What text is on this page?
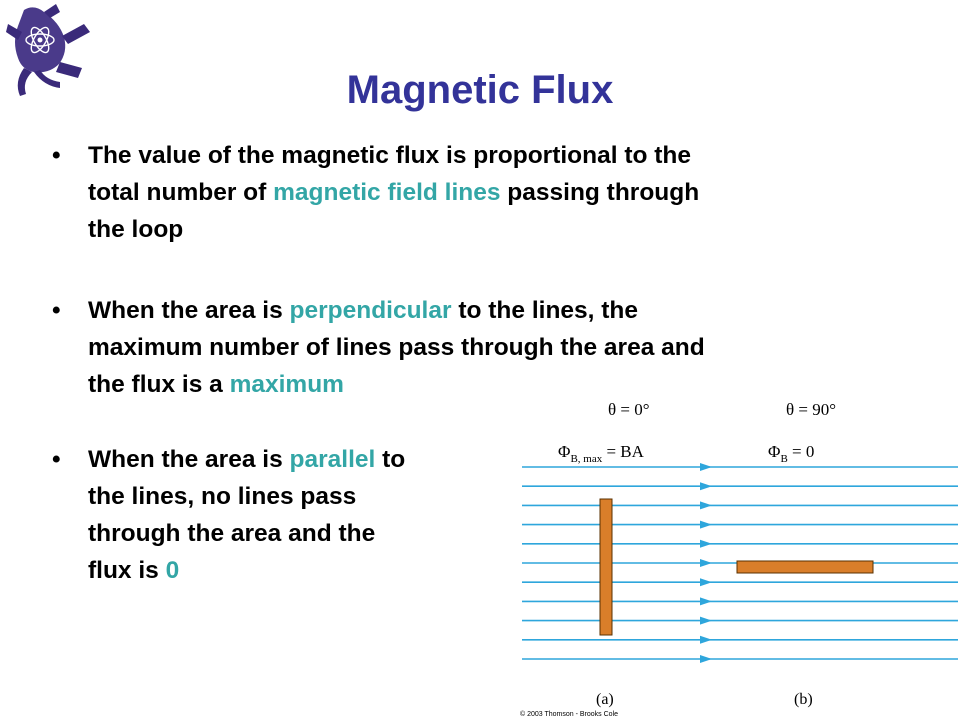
Magnetic Flux
• The value of the magnetic flux is proportional to the
total number of magnetic field lines passing through
the loop
• When the area is perpendicular to the lines, the
maximum number of lines pass through the area and
the flux is a maximum
• When the area is parallel to
the lines, no lines pass
through the area and the
flux is 0
θ = 0°	θ = 90°
$\Phi_{B, max}$ = BA	$\Phi_B = 0$
(a)	(b)
© 2003 Thomson - Brooks Cole
